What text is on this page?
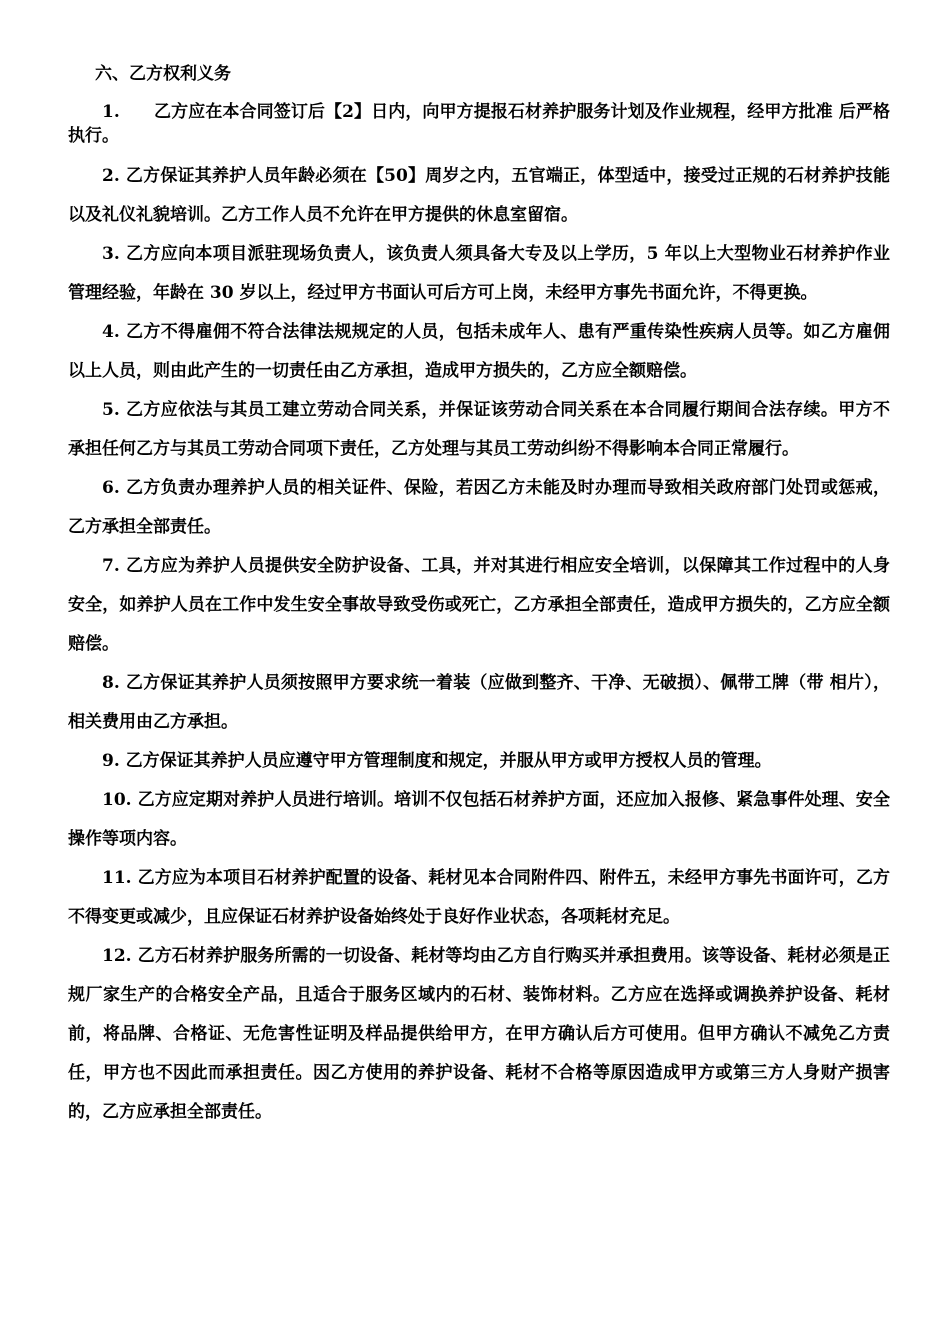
六、乙方权利义务

1.　　乙方应在本合同签订后【2】日内，向甲方提报石材养护服务计划及作业规程，经甲方批准 后严格执行。

2. 乙方保证其养护人员年龄必须在【50】周岁之内，五官端正，体型适中，接受过正规的石材养护技能以及礼仪礼貌培训。乙方工作人员不允许在甲方提供的休息室留宿。

3. 乙方应向本项目派驻现场负责人，该负责人须具备大专及以上学历，5 年以上大型物业石材养护作业管理经验，年龄在 30 岁以上，经过甲方书面认可后方可上岗，未经甲方事先书面允许，不得更换。

4. 乙方不得雇佣不符合法律法规规定的人员，包括未成年人、患有严重传染性疾病人员等。如乙方雇佣以上人员，则由此产生的一切责任由乙方承担，造成甲方损失的，乙方应全额赔偿。

5. 乙方应依法与其员工建立劳动合同关系，并保证该劳动合同关系在本合同履行期间合法存续。甲方不承担任何乙方与其员工劳动合同项下责任，乙方处理与其员工劳动纠纷不得影响本合同正常履行。

6. 乙方负责办理养护人员的相关证件、保险，若因乙方未能及时办理而导致相关政府部门处罚或惩戒，乙方承担全部责任。

7. 乙方应为养护人员提供安全防护设备、工具，并对其进行相应安全培训，以保障其工作过程中的人身安全，如养护人员在工作中发生安全事故导致受伤或死亡，乙方承担全部责任，造成甲方损失的，乙方应全额赔偿。

8. 乙方保证其养护人员须按照甲方要求统一着装（应做到整齐、干净、无破损）、佩带工牌（带 相片），相关费用由乙方承担。

9. 乙方保证其养护人员应遵守甲方管理制度和规定，并服从甲方或甲方授权人员的管理。

10. 乙方应定期对养护人员进行培训。培训不仅包括石材养护方面，还应加入报修、紧急事件处理、安全操作等项内容。

11. 乙方应为本项目石材养护配置的设备、耗材见本合同附件四、附件五，未经甲方事先书面许可，乙方不得变更或减少，且应保证石材养护设备始终处于良好作业状态，各项耗材充足。

12. 乙方石材养护服务所需的一切设备、耗材等均由乙方自行购买并承担费用。该等设备、耗材必须是正规厂家生产的合格安全产品，且适合于服务区域内的石材、装饰材料。乙方应在选择或调换养护设备、耗材前，将品牌、合格证、无危害性证明及样品提供给甲方，在甲方确认后方可使用。但甲方确认不减免乙方责任，甲方也不因此而承担责任。因乙方使用的养护设备、耗材不合格等原因造成甲方或第三方人身财产损害的，乙方应承担全部责任。
